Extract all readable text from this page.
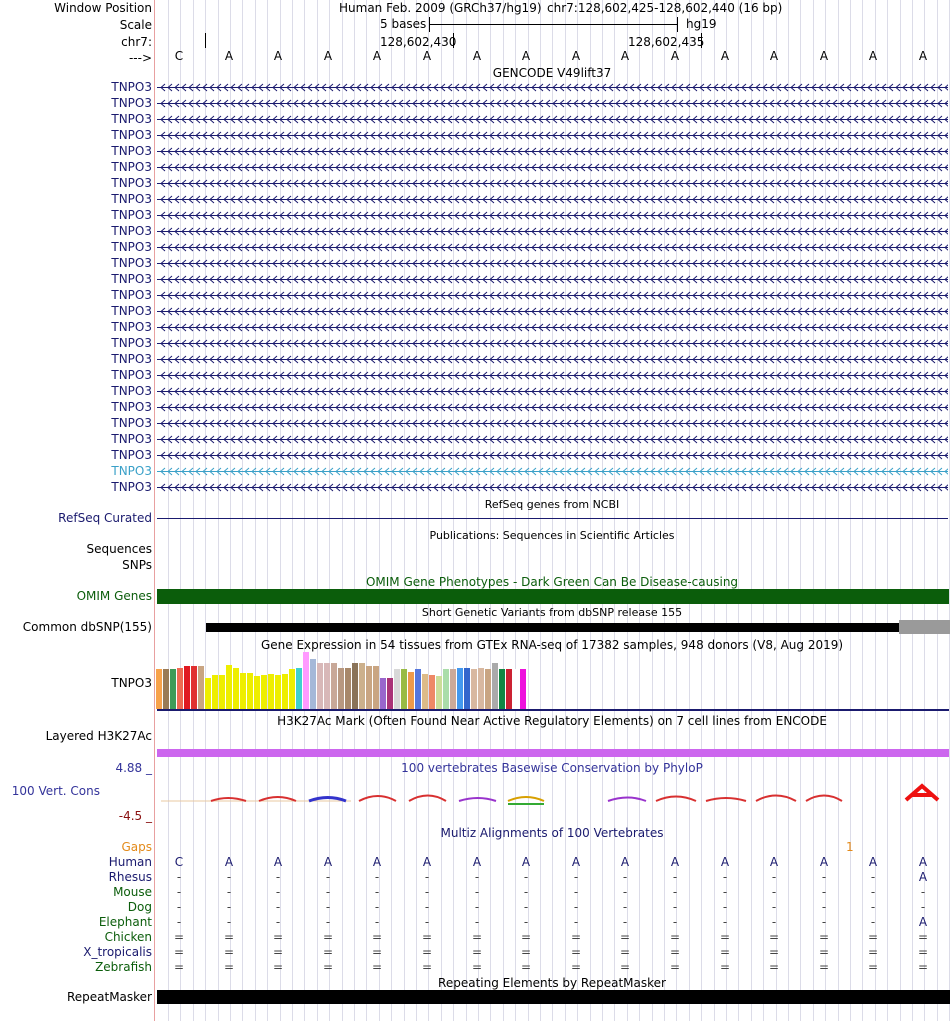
Window Position
Scale
chr7:
--->
Human Feb. 2009 (GRCh37/hg19) chr7:128,602,425-128,602,440 (16 bp)
5 bases	hg19
128,602,430	128,602,435
C	A	A	A	A	A	A	A	A	A	A	A	A	A	A	A
GENCODE V49lift37
TNPO3
TNPO3
TNPO3
TNPO3
TNPO3
TNPO3
TNPO3
TNPO3
TNPO3
TNPO3
TNPO3
TNPO3
TNPO3
TNPO3
TNPO3
TNPO3
TNPO3
TNPO3
TNPO3
TNPO3
TNPO3
TNPO3
TNPO3
TNPO3
TNPO3
TNPO3
RefSeq genes from NCBI
RefSeq Curated
Publications: Sequences in Scientific Articles
Sequences
SNPs
OMIM Gene Phenotypes - Dark Green Can Be Disease-causing
OMIM Genes
Short Genetic Variants from dbSNP release 155
Common dbSNP(155)
Gene Expression in 54 tissues from GTEx RNA-seq of 17382 samples, 948 donors (V8, Aug 2019)
TNPO3
H3K27Ac Mark (Often Found Near Active Regulatory Elements) on 7 cell lines from ENCODE
Layered H3K27Ac
100 vertebrates Basewise Conservation by PhyloP
4.88 _
100 Vert. Cons
-4.5 _
Multiz Alignments of 100 Vertebrates
Gaps	1
Human	C	A	A	A	A	A	A	A	A	A	A	A	A	A	A	A
Rhesus	-	-	-	-	-	-	-	-	-	-	-	-	-	-	-	A
Mouse	-	-	-	-	-	-	-	-	-	-	-	-	-	-	-	-
Dog	-	-	-	-	-	-	-	-	-	-	-	-	-	-	-	-
Elephant	-	-	-	-	-	-	-	-	-	-	-	-	-	-	-	A
Chicken	=	=	=	=	=	=	=	=	=	=	=	=	=	=	=	=
X_tropicalis	=	=	=	=	=	=	=	=	=	=	=	=	=	=	=	=
Zebrafish	=	=	=	=	=	=	=	=	=	=	=	=	=	=	=	=
Repeating Elements by RepeatMasker
RepeatMasker
